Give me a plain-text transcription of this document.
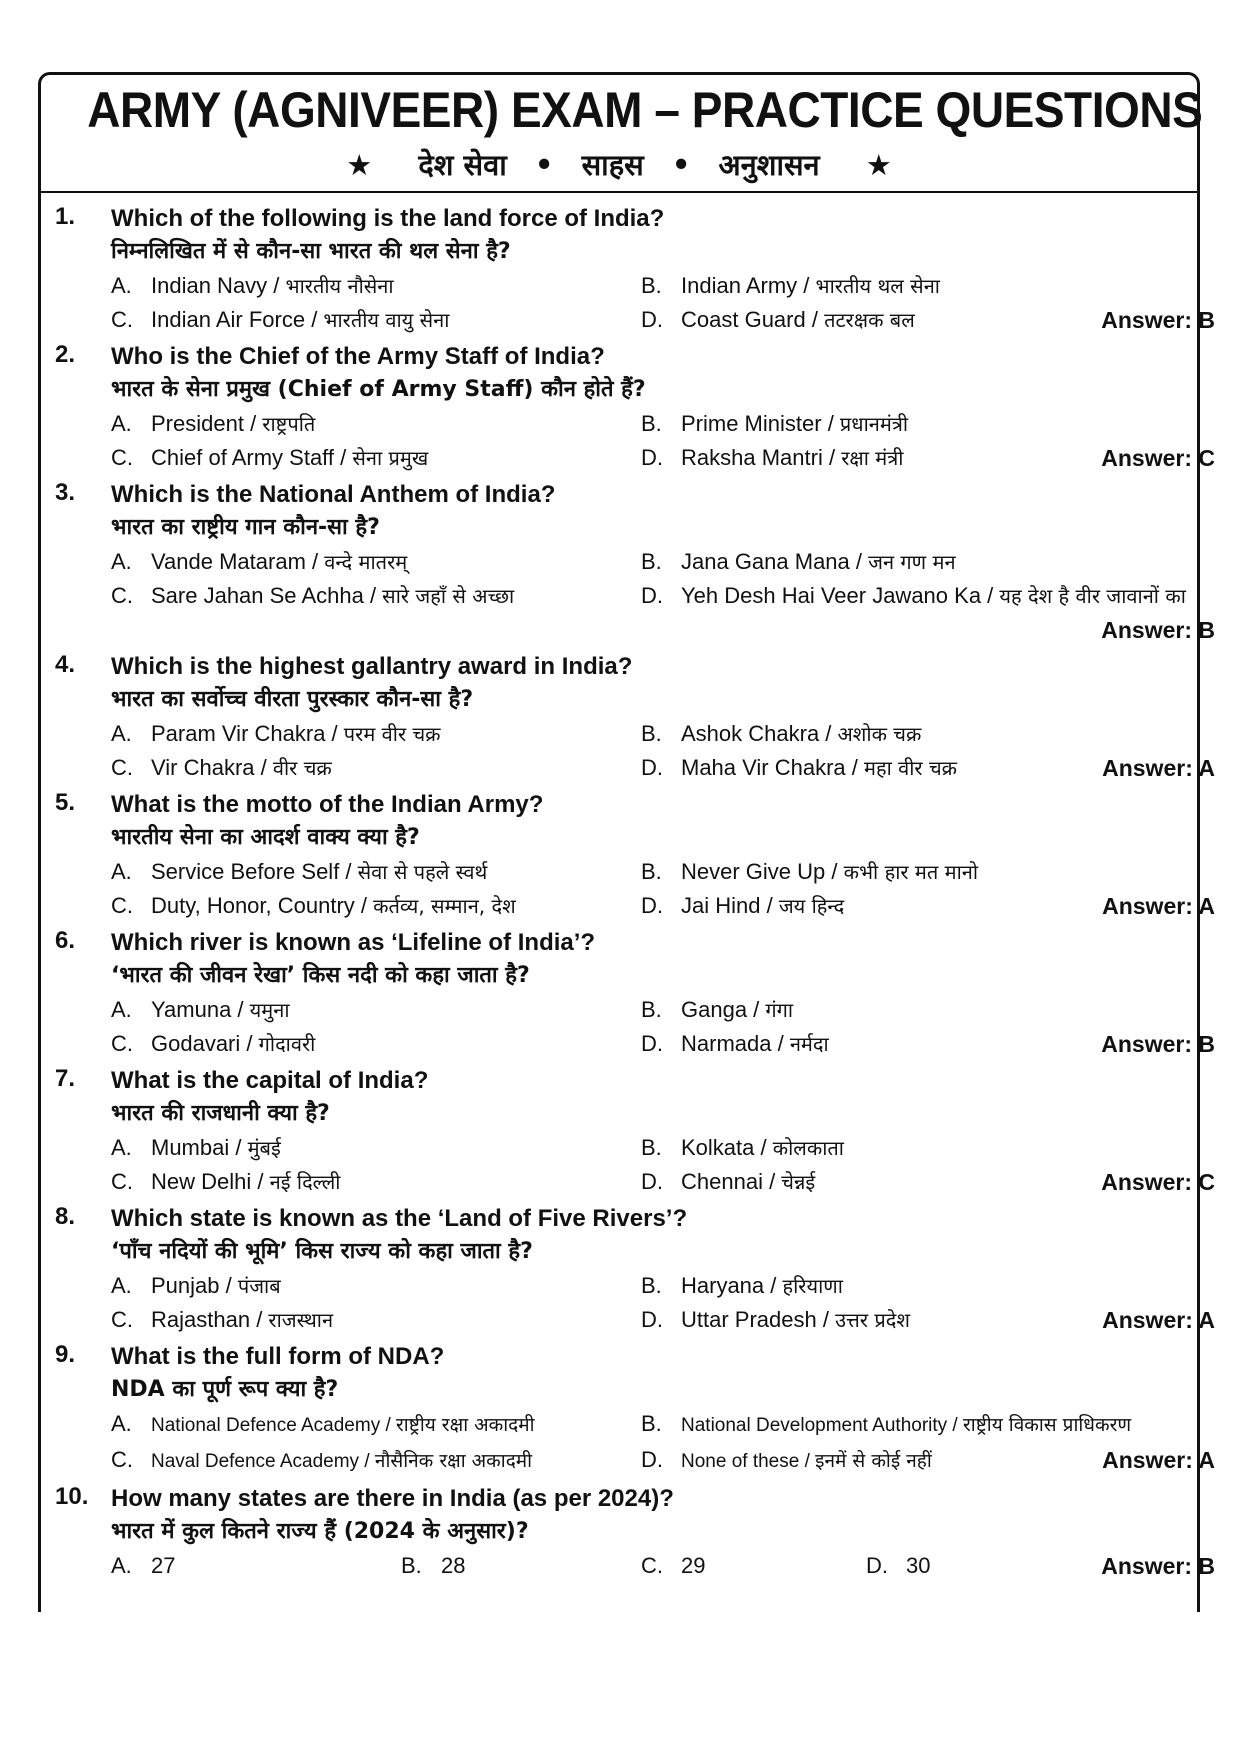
ARMY (AGNIVEER) EXAM – PRACTICE QUESTIONS
★ देश सेवा • साहस • अनुशासन ★
1. Which of the following is the land force of India?
निम्नलिखित में से कौन-सा भारत की थल सेना है?
A. Indian Navy / भारतीय नौसेना	B. Indian Army / भारतीय थल सेना
C. Indian Air Force / भारतीय वायु सेना	D. Coast Guard / तटरक्षक बल	Answer: B
2. Who is the Chief of the Army Staff of India?
भारत के सेना प्रमुख (Chief of Army Staff) कौन होते हैं?
A. President / राष्ट्रपति	B. Prime Minister / प्रधानमंत्री
C. Chief of Army Staff / सेना प्रमुख	D. Raksha Mantri / रक्षा मंत्री	Answer: C
3. Which is the National Anthem of India?
भारत का राष्ट्रीय गान कौन-सा है?
A. Vande Mataram / वन्दे मातरम्	B. Jana Gana Mana / जन गण मन
C. Sare Jahan Se Achha / सारे जहाँ से अच्छा	D. Yeh Desh Hai Veer Jawano Ka / यह देश है वीर जावानों का
Answer: B
4. Which is the highest gallantry award in India?
भारत का सर्वोच्च वीरता पुरस्कार कौन-सा है?
A. Param Vir Chakra / परम वीर चक्र	B. Ashok Chakra / अशोक चक्र
C. Vir Chakra / वीर चक्र	D. Maha Vir Chakra / महा वीर चक्र	Answer: A
5. What is the motto of the Indian Army?
भारतीय सेना का आदर्श वाक्य क्या है?
A. Service Before Self / सेवा से पहले स्वर्थ	B. Never Give Up / कभी हार मत मानो
C. Duty, Honor, Country / कर्तव्य, सम्मान, देश	D. Jai Hind / जय हिन्द	Answer: A
6. Which river is known as ‘Lifeline of India’?
‘भारत की जीवन रेखा’ किस नदी को कहा जाता है?
A. Yamuna / यमुना	B. Ganga / गंगा
C. Godavari / गोदावरी	D. Narmada / नर्मदा	Answer: B
7. What is the capital of India?
भारत की राजधानी क्या है?
A. Mumbai / मुंबई	B. Kolkata / कोलकाता
C. New Delhi / नई दिल्ली	D. Chennai / चेन्नई	Answer: C
8. Which state is known as the ‘Land of Five Rivers’?
‘पाँच नदियों की भूमि’ किस राज्य को कहा जाता है?
A. Punjab / पंजाब	B. Haryana / हरियाणा
C. Rajasthan / राजस्थान	D. Uttar Pradesh / उत्तर प्रदेश	Answer: A
9. What is the full form of NDA?
NDA का पूर्ण रूप क्या है?
A. National Defence Academy / राष्ट्रीय रक्षा अकादमी	B. National Development Authority / राष्ट्रीय विकास प्राधिकरण
C. Naval Defence Academy / नौसैनिक रक्षा अकादमी	D. None of these / इनमें से कोई नहीं	Answer: A
10. How many states are there in India (as per 2024)?
भारत में कुल कितने राज्य हैं (2024 के अनुसार)?
A. 27	B. 28	C. 29	D. 30	Answer: B
